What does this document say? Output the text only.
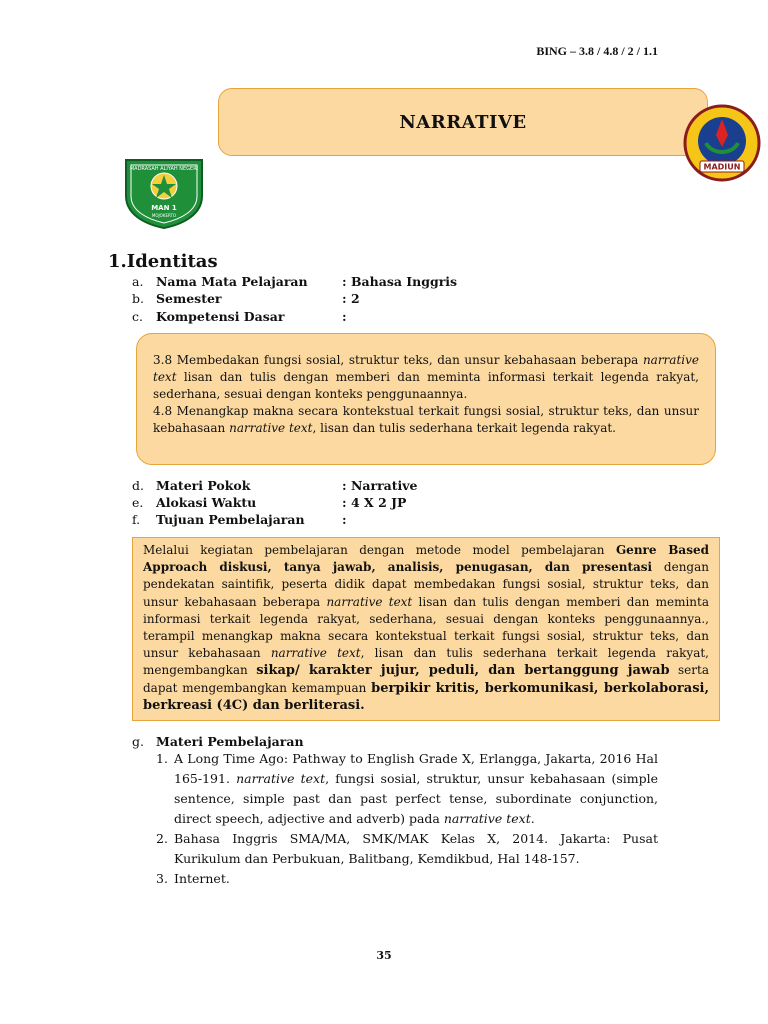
BING – 3.8 / 4.8 / 2 / 1.1
NARRATIVE
MADRASAH ALIYAH NEGERI
MAN 1
MOJOKERTO
MADIUN
1.Identitas
a.	Nama Mata Pelajaran	: Bahasa Inggris
b. Semester	: 2
c.	Kompetensi Dasar	:
3.8 Membedakan fungsi sosial, struktur teks, dan unsur kebahasaan beberapa narrative text lisan dan tulis dengan memberi dan meminta informasi terkait legenda rakyat, sederhana, sesuai dengan konteks penggunaannya.
4.8 Menangkap makna secara kontekstual terkait fungsi sosial, struktur teks, dan unsur kebahasaan narrative text, lisan dan tulis sederhana terkait legenda rakyat.
d. Materi Pokok	: Narrative
e.	Alokasi Waktu	: 4 X 2 JP
f.	Tujuan Pembelajaran	:
Melalui kegiatan pembelajaran dengan metode model pembelajaran Genre Based Approach diskusi, tanya jawab, analisis, penugasan, dan presentasi dengan pendekatan saintifik, peserta didik dapat membedakan fungsi sosial, struktur teks, dan unsur kebahasaan beberapa narrative text lisan dan tulis dengan memberi dan meminta informasi terkait legenda rakyat, sederhana, sesuai dengan konteks penggunaannya., terampil menangkap makna secara kontekstual terkait fungsi sosial, struktur teks, dan unsur kebahasaan narrative text, lisan dan tulis sederhana terkait legenda rakyat, mengembangkan sikap/ karakter jujur, peduli, dan bertanggung jawab serta dapat mengembangkan kemampuan berpikir kritis, berkomunikasi, berkolaborasi, berkreasi (4C) dan berliterasi.
g. Materi Pembelajaran
1. A Long Time Ago: Pathway to English Grade X, Erlangga, Jakarta, 2016 Hal 165-191. narrative text, fungsi sosial, struktur, unsur kebahasaan (simple sentence, simple past dan past perfect tense, subordinate conjunction, direct speech, adjective and adverb) pada narrative text.
2. Bahasa Inggris SMA/MA, SMK/MAK Kelas X, 2014. Jakarta: Pusat Kurikulum dan Perbukuan, Balitbang, Kemdikbud, Hal 148-157.
3. Internet.
35
